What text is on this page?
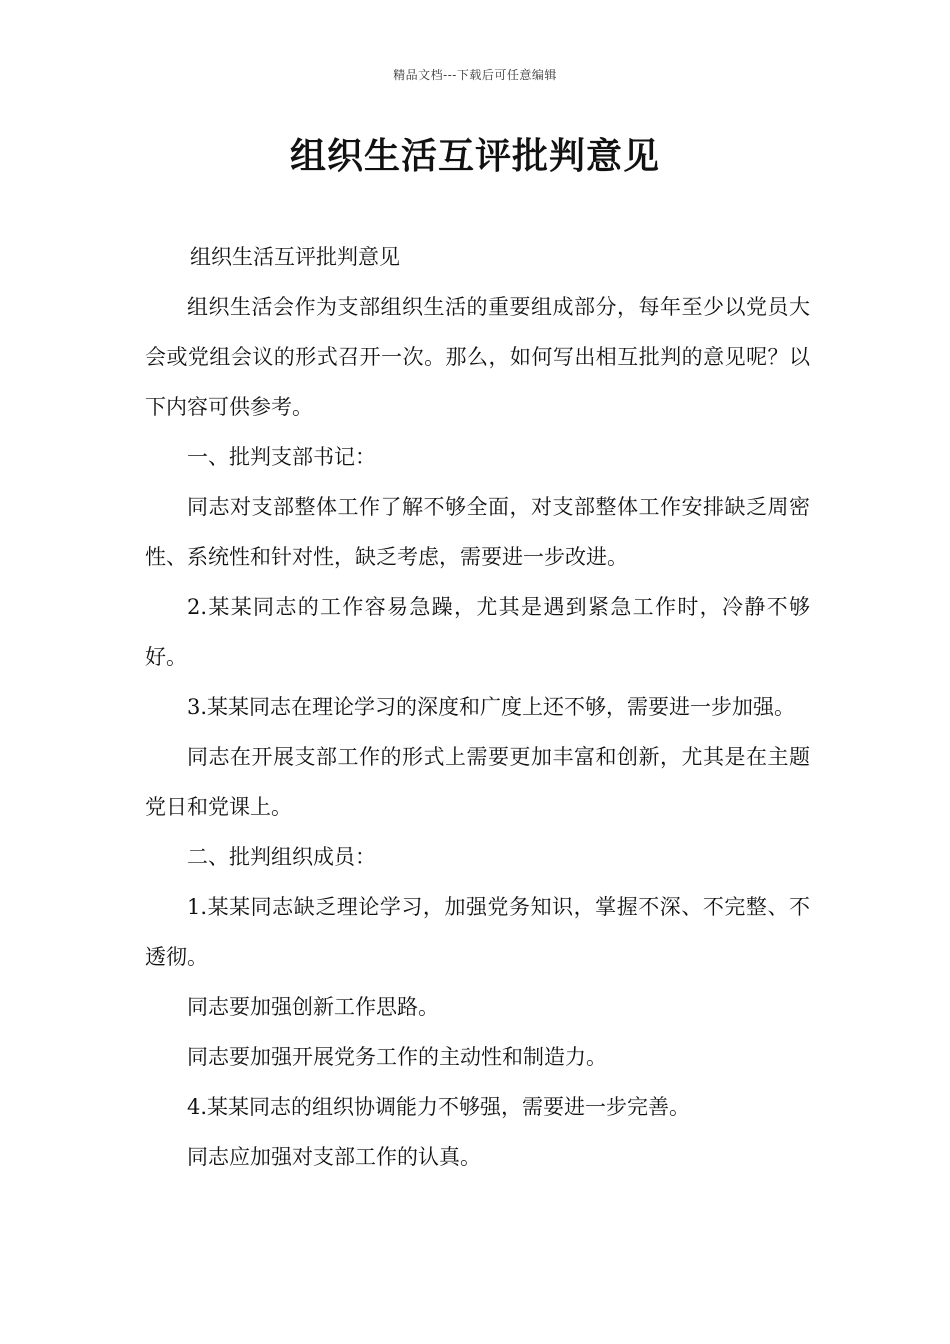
精品文档---下载后可任意编辑
组织生活互评批判意见

组织生活互评批判意见

组织生活会作为支部组织生活的重要组成部分，每年至少以党员大会或党组会议的形式召开一次。那么，如何写出相互批判的意见呢？以下内容可供参考。

一、批判支部书记：

同志对支部整体工作了解不够全面，对支部整体工作安排缺乏周密性、系统性和针对性，缺乏考虑，需要进一步改进。

2.某某同志的工作容易急躁，尤其是遇到紧急工作时，冷静不够好。

3.某某同志在理论学习的深度和广度上还不够，需要进一步加强。

同志在开展支部工作的形式上需要更加丰富和创新，尤其是在主题党日和党课上。

二、批判组织成员：

1.某某同志缺乏理论学习，加强党务知识，掌握不深、不完整、不透彻。

同志要加强创新工作思路。

同志要加强开展党务工作的主动性和制造力。

4.某某同志的组织协调能力不够强，需要进一步完善。

同志应加强对支部工作的认真。
